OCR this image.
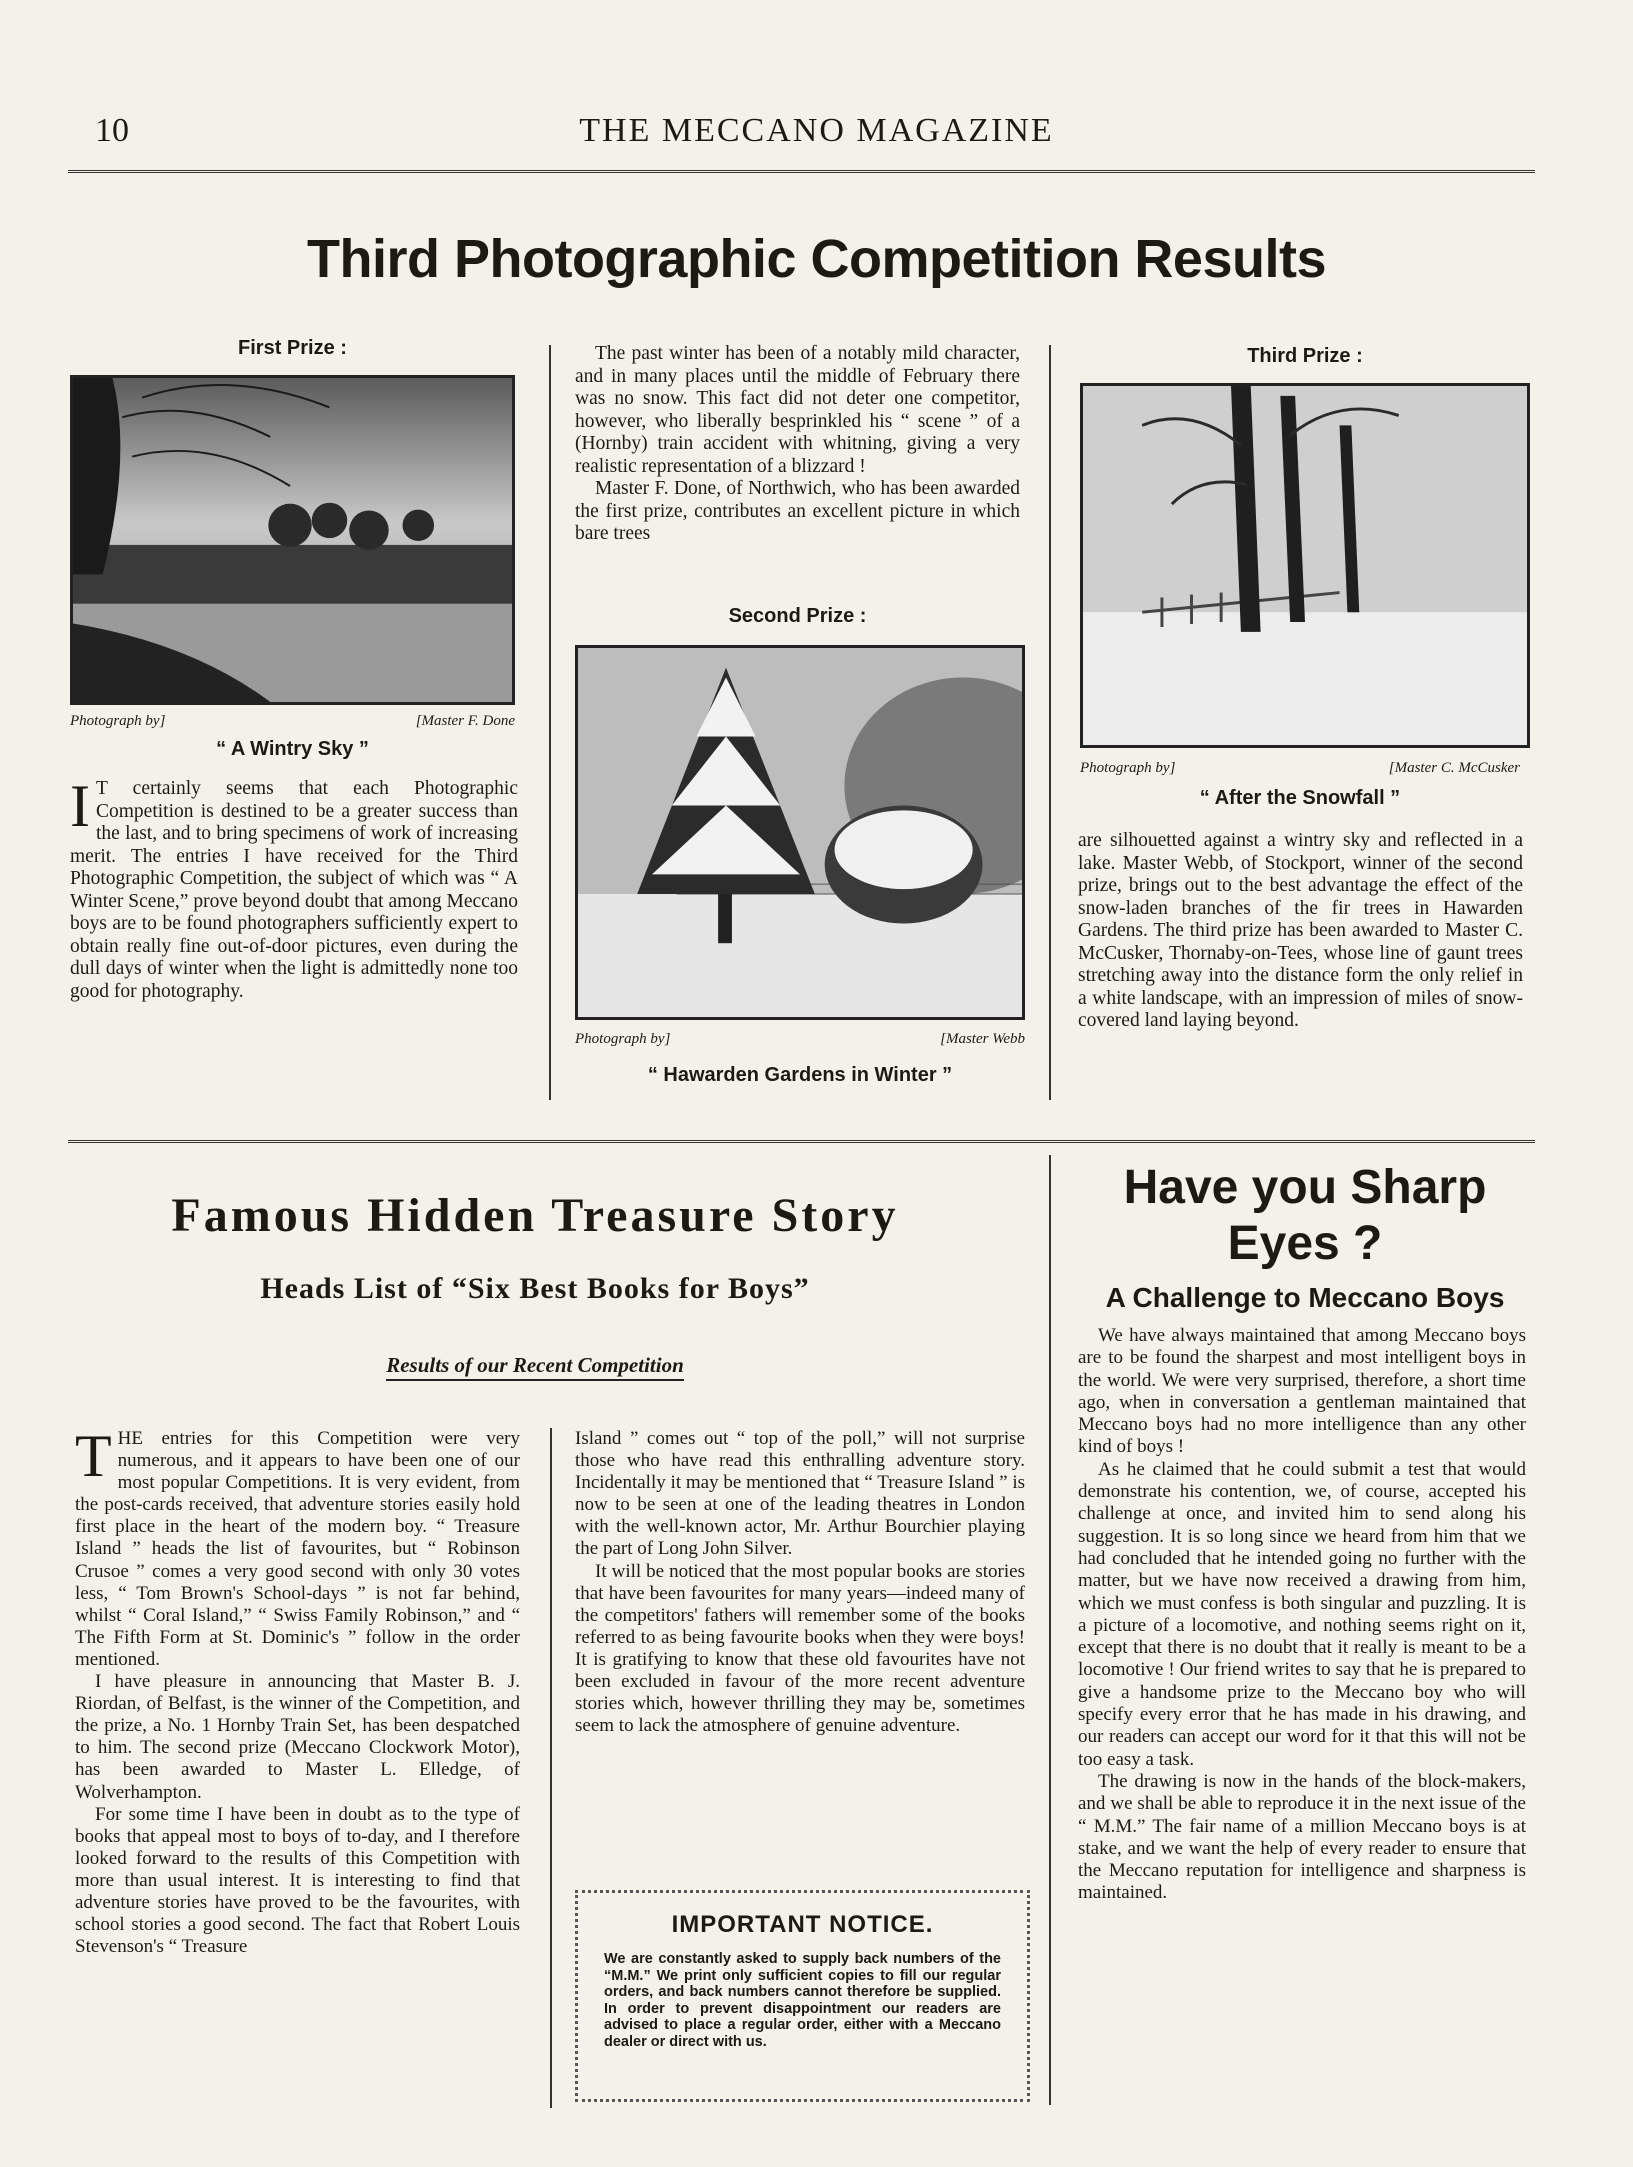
10	THE MECCANO MAGAZINE
Third Photographic Competition Results
First Prize :
Photograph by]	[Master F. Done
“ A Wintry Sky ”
I T certainly seems that each Photographic Competition is destined to be a greater success than the last, and to bring specimens of work of increasing merit. The entries I have received for the Third Photographic Competition, the subject of which was “ A Winter Scene,” prove beyond doubt that among Meccano boys are to be found photographers sufficiently expert to obtain really fine out-of-door pictures, even during the dull days of winter when the light is admittedly none too good for photography.

The past winter has been of a notably mild character, and in many places until the middle of February there was no snow. This fact did not deter one competitor, however, who liberally besprinkled his “ scene ” of a (Hornby) train accident with whitning, giving a very realistic representation of a blizzard !

Master F. Done, of Northwich, who has been awarded the first prize, contributes an excellent picture in which bare trees

Second Prize :
Photograph by]	[Master Webb
“ Hawarden Gardens in Winter ”
Third Prize :
Photograph by]	[Master C. McCusker
“ After the Snowfall ”
are silhouetted against a wintry sky and reflected in a lake. Master Webb, of Stockport, winner of the second prize, brings out to the best advantage the effect of the snow-laden branches of the fir trees in Hawarden Gardens. The third prize has been awarded to Master C. McCusker, Thornaby-on-Tees, whose line of gaunt trees stretching away into the distance form the only relief in a white landscape, with an impression of miles of snow-covered land laying beyond.
Famous Hidden Treasure Story
Heads List of “Six Best Books for Boys”
Results of our Recent Competition

THE entries for this Competition were very numerous, and it appears to have been one of our most popular Competitions. It is very evident, from the post-cards received, that adventure stories easily hold first place in the heart of the modern boy. “ Treasure Island ” heads the list of favourites, but “ Robinson Crusoe ” comes a very good second with only 30 votes less, “ Tom Brown's School-days ” is not far behind, whilst “ Coral Island,” “ Swiss Family Robinson,” and “ The Fifth Form at St. Dominic's ” follow in the order mentioned.

I have pleasure in announcing that Master B. J. Riordan, of Belfast, is the winner of the Competition, and the prize, a No. 1 Hornby Train Set, has been despatched to him. The second prize (Meccano Clockwork Motor), has been awarded to Master L. Elledge, of Wolverhampton.

For some time I have been in doubt as to the type of books that appeal most to boys of to-day, and I therefore looked forward to the results of this Competition with more than usual interest. It is interesting to find that adventure stories have proved to be the favourites, with school stories a good second. The fact that Robert Louis Stevenson's “ Treasure

Island ” comes out “ top of the poll,” will not surprise those who have read this enthralling adventure story. Incidentally it may be mentioned that “ Treasure Island ” is now to be seen at one of the leading theatres in London with the well-known actor, Mr. Arthur Bourchier playing the part of Long John Silver.

It will be noticed that the most popular books are stories that have been favourites for many years—indeed many of the competitors' fathers will remember some of the books referred to as being favourite books when they were boys! It is gratifying to know that these old favourites have not been excluded in favour of the more recent adventure stories which, however thrilling they may be, sometimes seem to lack the atmosphere of genuine adventure.

IMPORTANT NOTICE.
We are constantly asked to supply back numbers of the “M.M.” We print only sufficient copies to fill our regular orders, and back numbers cannot therefore be supplied. In order to prevent disappointment our readers are advised to place a regular order, either with a Meccano dealer or direct with us.
Have you Sharp Eyes ?
A Challenge to Meccano Boys

We have always maintained that among Meccano boys are to be found the sharpest and most intelligent boys in the world. We were very surprised, therefore, a short time ago, when in conversation a gentleman maintained that Meccano boys had no more intelligence than any other kind of boys !

As he claimed that he could submit a test that would demonstrate his contention, we, of course, accepted his challenge at once, and invited him to send along his suggestion. It is so long since we heard from him that we had concluded that he intended going no further with the matter, but we have now received a drawing from him, which we must confess is both singular and puzzling. It is a picture of a locomotive, and nothing seems right on it, except that there is no doubt that it really is meant to be a locomotive ! Our friend writes to say that he is prepared to give a handsome prize to the Meccano boy who will specify every error that he has made in his drawing, and our readers can accept our word for it that this will not be too easy a task.

The drawing is now in the hands of the block-makers, and we shall be able to reproduce it in the next issue of the “ M.M.” The fair name of a million Meccano boys is at stake, and we want the help of every reader to ensure that the Meccano reputation for intelligence and sharpness is maintained.
